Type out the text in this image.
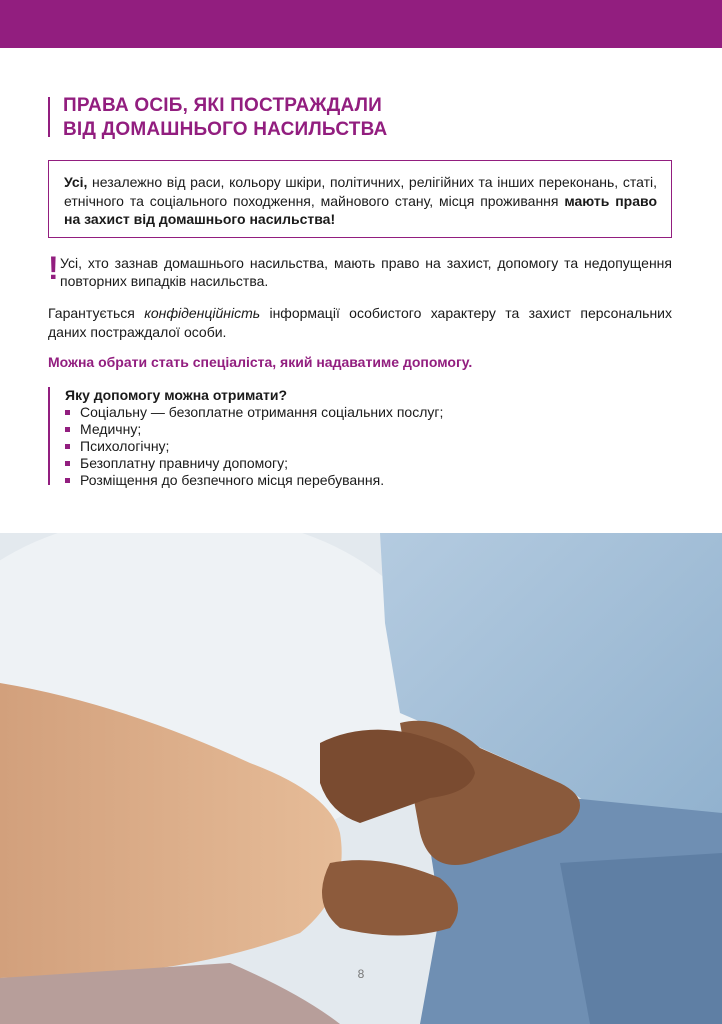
ПРАВА ОСІБ, ЯКІ ПОСТРАЖДАЛИ
ВІД ДОМАШНЬОГО НАСИЛЬСТВА
Усі, незалежно від раси, кольору шкіри, політичних, релігійних та інших переконань, статі, етнічного та соціального походження, майнового стану, місця проживання мають право на захист від домашнього насильства!
! Усі, хто зазнав домашнього насильства, мають право на захист, допомогу та недопущення повторних випадків насильства.

Гарантується конфіденційність інформації особистого характеру та захист персональних даних постраждалої особи.

Можна обрати стать спеціаліста, який надаватиме допомогу.

Яку допомогу можна отримати?

Соціальну — безоплатне отримання соціальних послуг;
Медичну;
Психологічну;
Безоплатну правничу допомогу;
Розміщення до безпечного місця перебування.
8
